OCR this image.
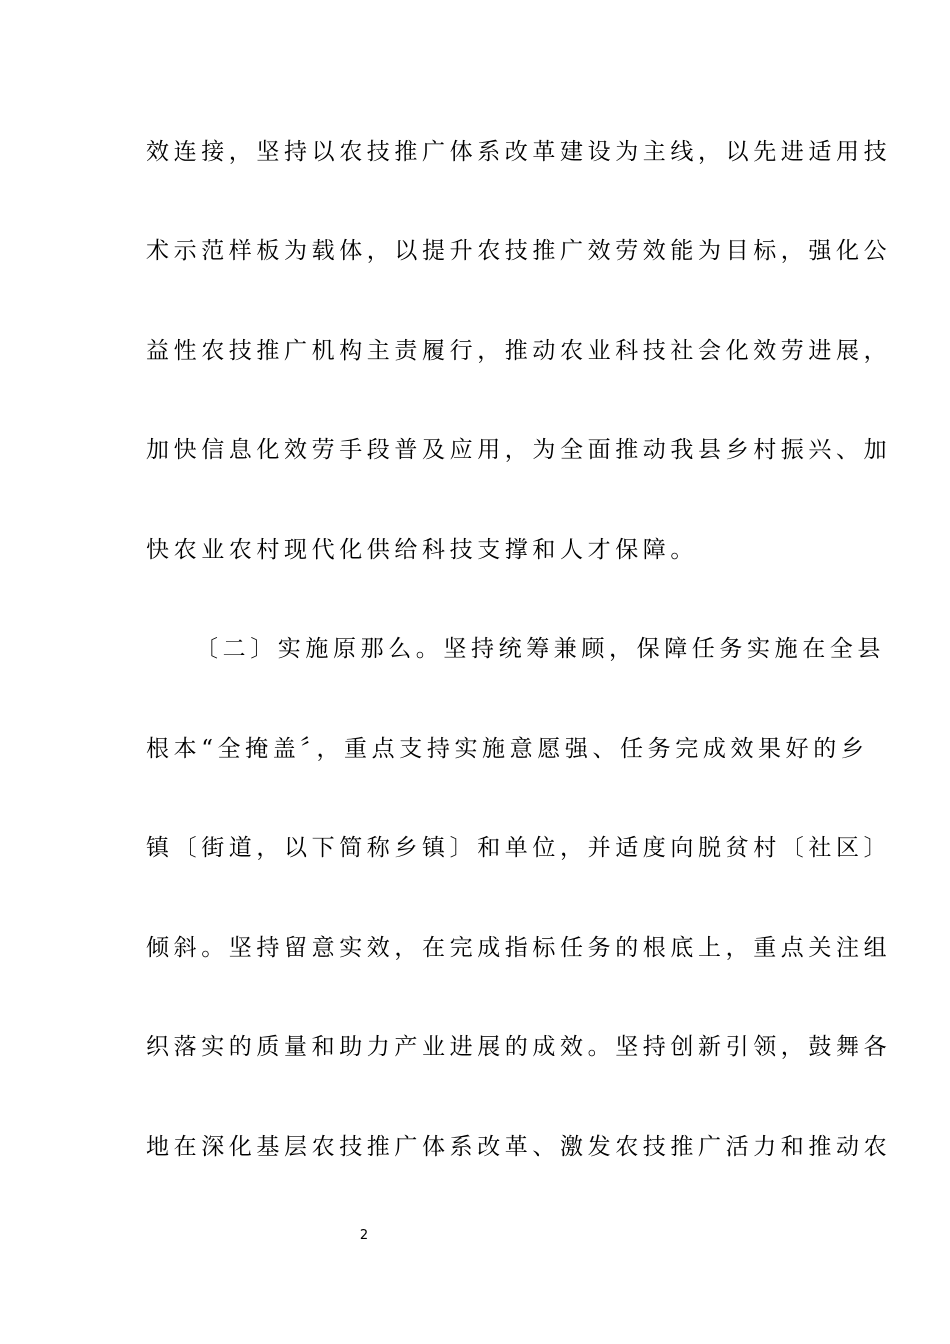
效连接，坚持以农技推广体系改革建设为主线，以先进适用技
术示范样板为载体，以提升农技推广效劳效能为目标，强化公
益性农技推广机构主责履行，推动农业科技社会化效劳进展，
加快信息化效劳手段普及应用，为全面推动我县乡村振兴、加
快农业农村现代化供给科技支撑和人才保障。
〔二〕实施原那么。坚持统筹兼顾，保障任务实施在全县
根本“全掩盖〞，重点支持实施意愿强、任务完成效果好的乡
镇〔街道，以下简称乡镇〕和单位，并适度向脱贫村〔社区〕
倾斜。坚持留意实效，在完成指标任务的根底上，重点关注组
织落实的质量和助力产业进展的成效。坚持创新引领，鼓舞各
地在深化基层农技推广体系改革、激发农技推广活力和推动农
2
